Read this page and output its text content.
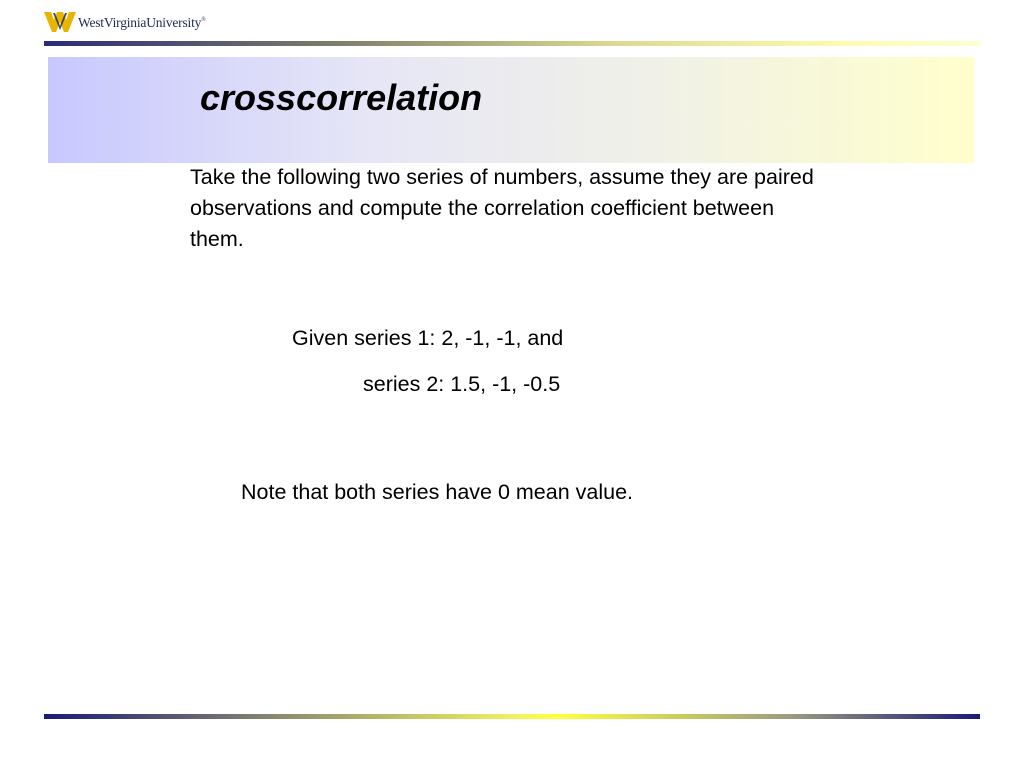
WestVirginiaUniversity®
crosscorrelation

Take the following two series of numbers, assume they are paired observations and compute the correlation coefficient between them.

Given series 1: 2, -1, -1, and

series 2: 1.5, -1, -0.5

Note that both series have 0 mean value.
